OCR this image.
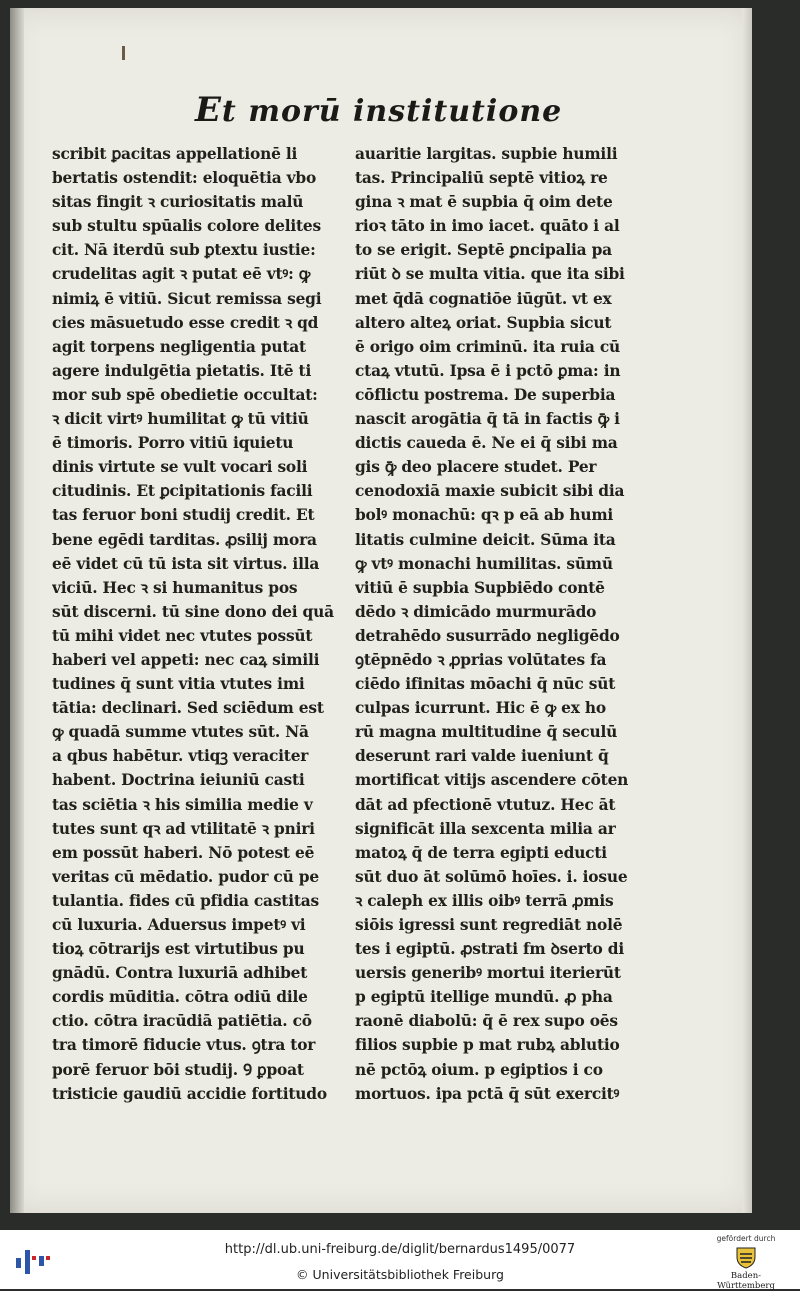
Et morū institutione
scribit ꝑacitas appellationē li
bertatis ostendit: eloquētia vbo
sitas fingit ꝛ curiositatis malū
sub stultu spūalis colore delites
cit. Nā iterdū sub ꝑtextu iustie:
crudelitas agit ꝛ putat eē vtꝰ: ꝙ
nimiꝝ ē vitiū. Sicut remissa segi
cies māsuetudo esse credit ꝛ qd
agit torpens negligentia putat
agere indulgētia pietatis. Itē ti
mor sub spē obedietie occultat:
ꝛ dicit virtꝰ humilitat ꝙ tū vitiū
ē timoris. Porro vitiū iquietu
dinis virtute se vult vocari soli
citudinis. Et ꝑcipitationis facili
tas feruor boni studij credit. Et
bene egēdi tarditas. ꝓsilij mora
eē videt cū tū ista sit virtus. illa
viciū. Hec ꝛ si humanitus pos
sūt discerni. tū sine dono dei quā
tū mihi videt nec vtutes possūt
haberi vel appeti: nec caꝝ simili
tudines q̄ sunt vitia vtutes imi
tātia: declinari. Sed sciēdum est
ꝙ quadā summe vtutes sūt. Nā
a qbus habētur. vtiqꝫ veraciter
habent. Doctrina ieiuniū casti
tas sciētia ꝛ his similia medie v
tutes sunt qꝛ ad vtilitatē ꝛ pniri
em possūt haberi. Nō potest eē
veritas cū mēdatio. pudor cū pe
tulantia. fides cū pfidia castitas
cū luxuria. Aduersus impetꝰ vi
tioꝝ cōtrarijs est virtutibus pu
gnādū. Contra luxuriā adhibet
cordis mūditia. cōtra odiū dile
ctio. cōtra iracūdiā patiētia. cō
tra timorē fiducie vtus. ꝯtra tor
porē feruor bōi studij. Ꝯ ꝑpoat
tristicie gaudiū accidie fortitudo
auaritie largitas. supbie humili
tas. Principaliū septē vitioꝝ re
gina ꝛ mat ē supbia q̄ oim dete
rioꝛ tāto in imo iacet. quāto i al
to se erigit. Septē ꝑncipalia pa
riūt ꝺ se multa vitia. que ita sibi
met q̄dā cognatiōe iūgūt. vt ex
altero alteꝝ oriat. Supbia sicut
ē origo oim criminū. ita ruia cū
ctaꝝ vtutū. Ipsa ē i pctō ꝑma: in
cōflictu postrema. De superbia
nascit arogātia q̄ tā in factis ꝙ̄ i
dictis caueda ē. Ne ei q̄ sibi ma
gis ꝙ̄ deo placere studet. Per
cenodoxiā maxie subicit sibi dia
bolꝰ monachū: qꝛ p eā ab humi
litatis culmine deicit. Sūma ita
ꝙ vtꝰ monachi humilitas. sūmū
vitiū ē supbia Supbiēdo contē
dēdo ꝛ dimicādo murmurādo
detrahēdo susurrādo negligēdo
ꝯtēpnēdo ꝛ ꝓprias volūtates fa
ciēdo ifinitas mōachi q̄ nūc sūt
culpas icurrunt. Hic ē ꝙ ex ho
rū magna multitudine q̄ seculū
deserunt rari valde iueniunt q̄
mortificat vitijs ascendere cōten
dāt ad pfectionē vtutuz. Hec āt
significāt illa sexcenta milia ar
matoꝝ q̄ de terra egipti educti
sūt duo āt solūmō hoīes. i. iosue
ꝛ caleph ex illis oibꝰ terrā ꝓmis
siōis igressi sunt regrediāt nolē
tes i egiptū. ꝓstrati fm ꝺserto di
uersis generibꝰ mortui iterierūt
p egiptū itellige mundū. ꝓ pha
raonē diabolū: q̄ ē rex supo oēs
filios supbie p mat rubꝝ ablutio
nē pctōꝝ oium. p egiptios i co
mortuos. ipa pctā q̄ sūt exercitꝰ
http://dl.ub.uni-freiburg.de/diglit/bernardus1495/0077
© Universitätsbibliothek Freiburg
gefördert durch
Baden-Württemberg
